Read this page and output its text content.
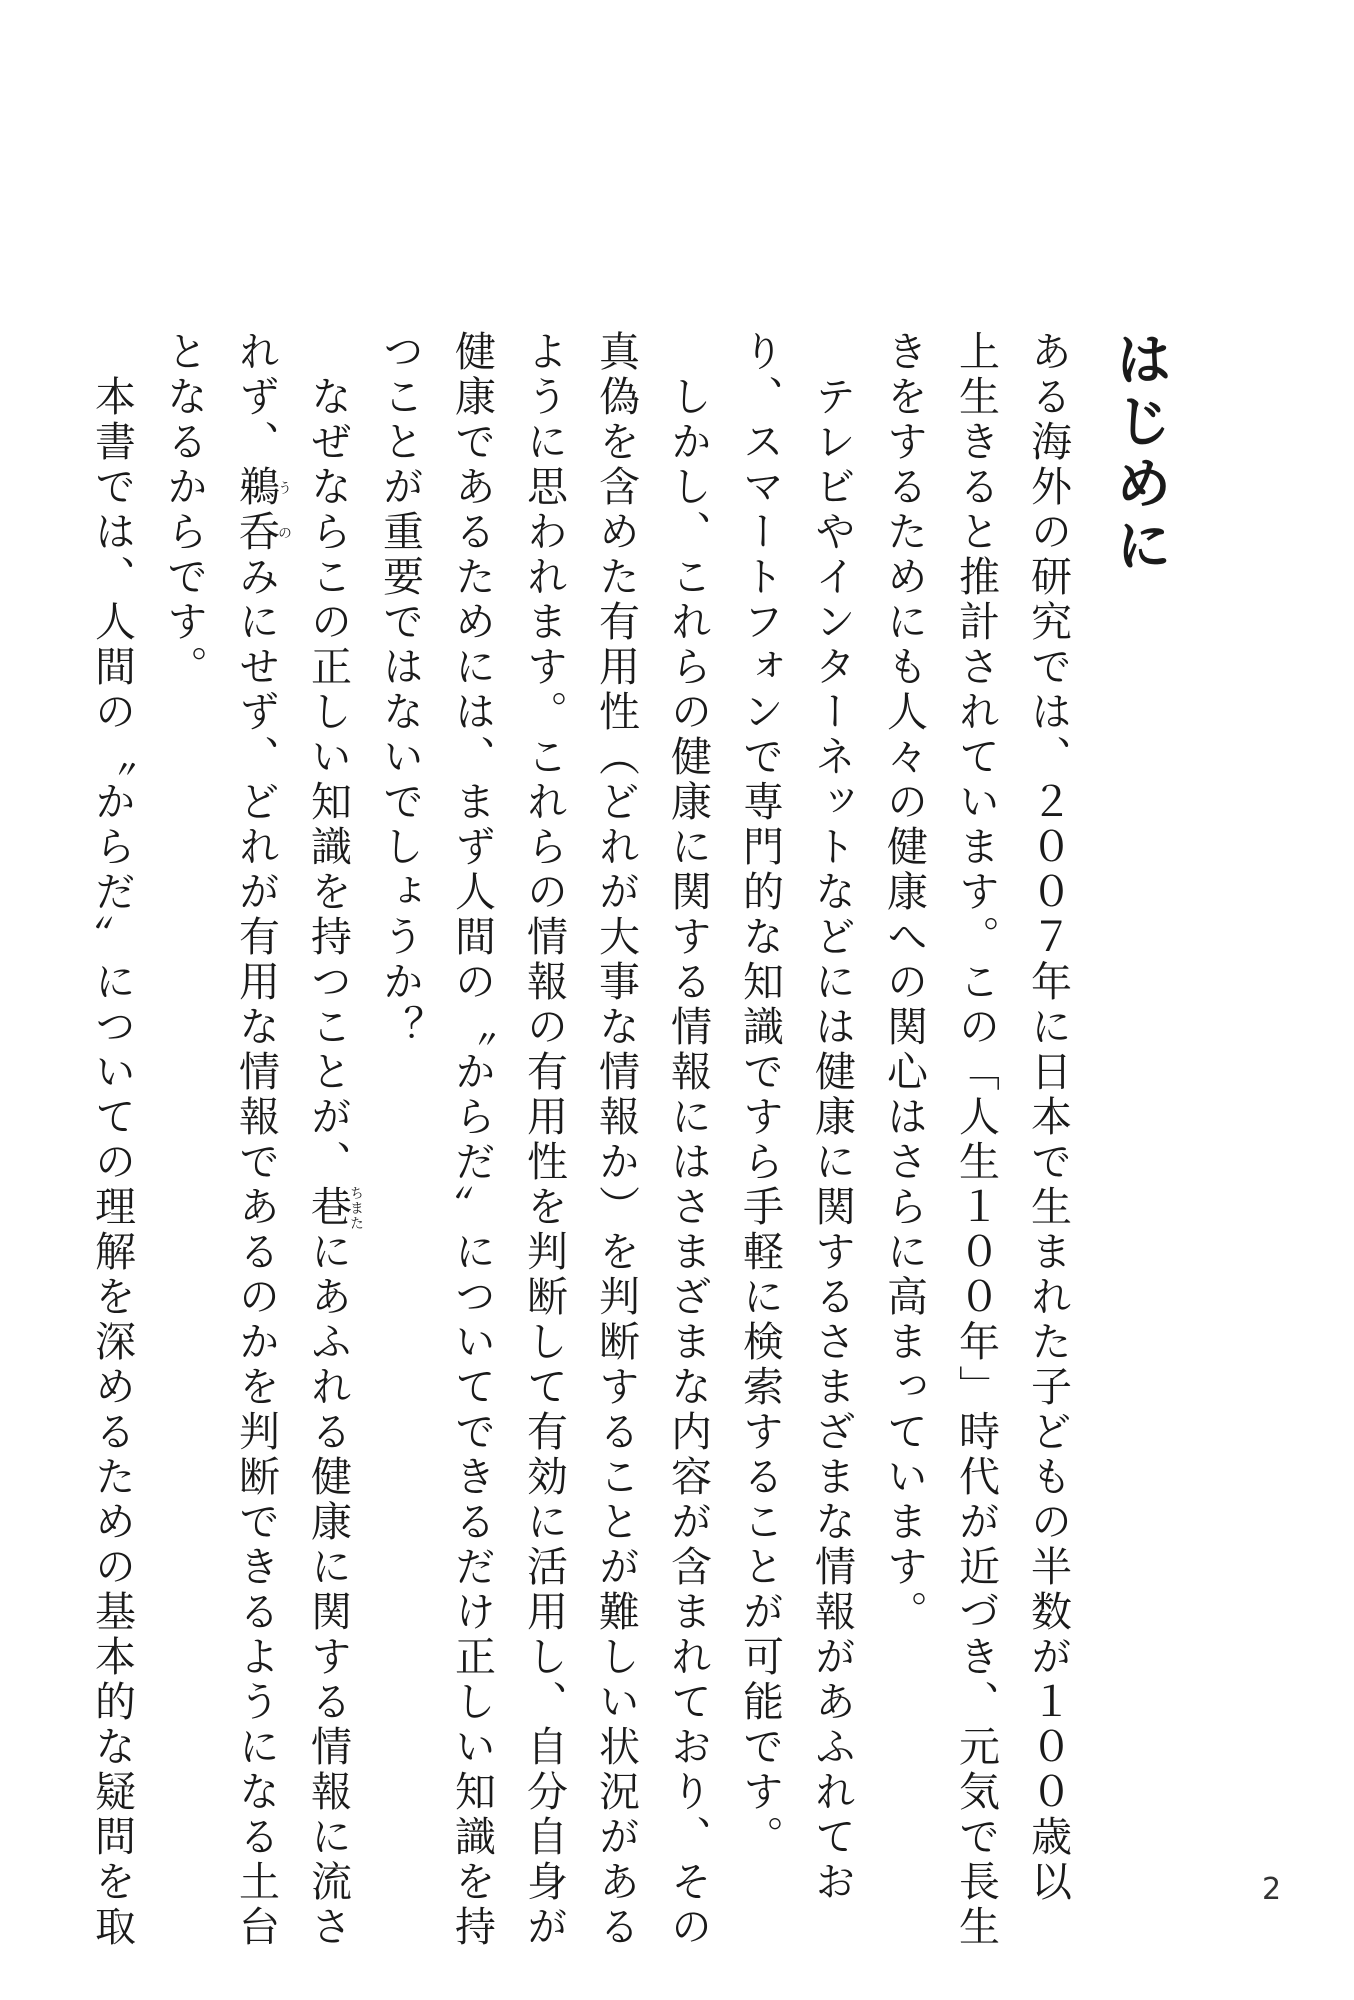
はじめに
ある海外の研究では、２００７年に日本で生まれた子どもの半数が１００歳以
上生きると推計されています。この「人生１００年」時代が近づき、元気で長生
きをするためにも人々の健康への関心はさらに高まっています。
　テレビやインターネットなどには健康に関するさまざまな情報があふれてお
り、スマートフォンで専門的な知識ですら手軽に検索することが可能です。
　しかし、これらの健康に関する情報にはさまざまな内容が含まれており、その
真偽を含めた有用性（どれが大事な情報か）を判断することが難しい状況がある
ように思われます。これらの情報の有用性を判断して有効に活用し、自分自身が
健康であるためには、まず人間の〝からだ〟についてできるだけ正しい知識を持
つことが重要ではないでしょうか？
　なぜならこの正しい知識を持つことが、巷ちまたにあふれる健康に関する情報に流さ
れず、鵜う呑のみにせず、どれが有用な情報であるのかを判断できるようになる土台
となるからです。
　本書では、人間の〝からだ〟についての理解を深めるための基本的な疑問を取	2
